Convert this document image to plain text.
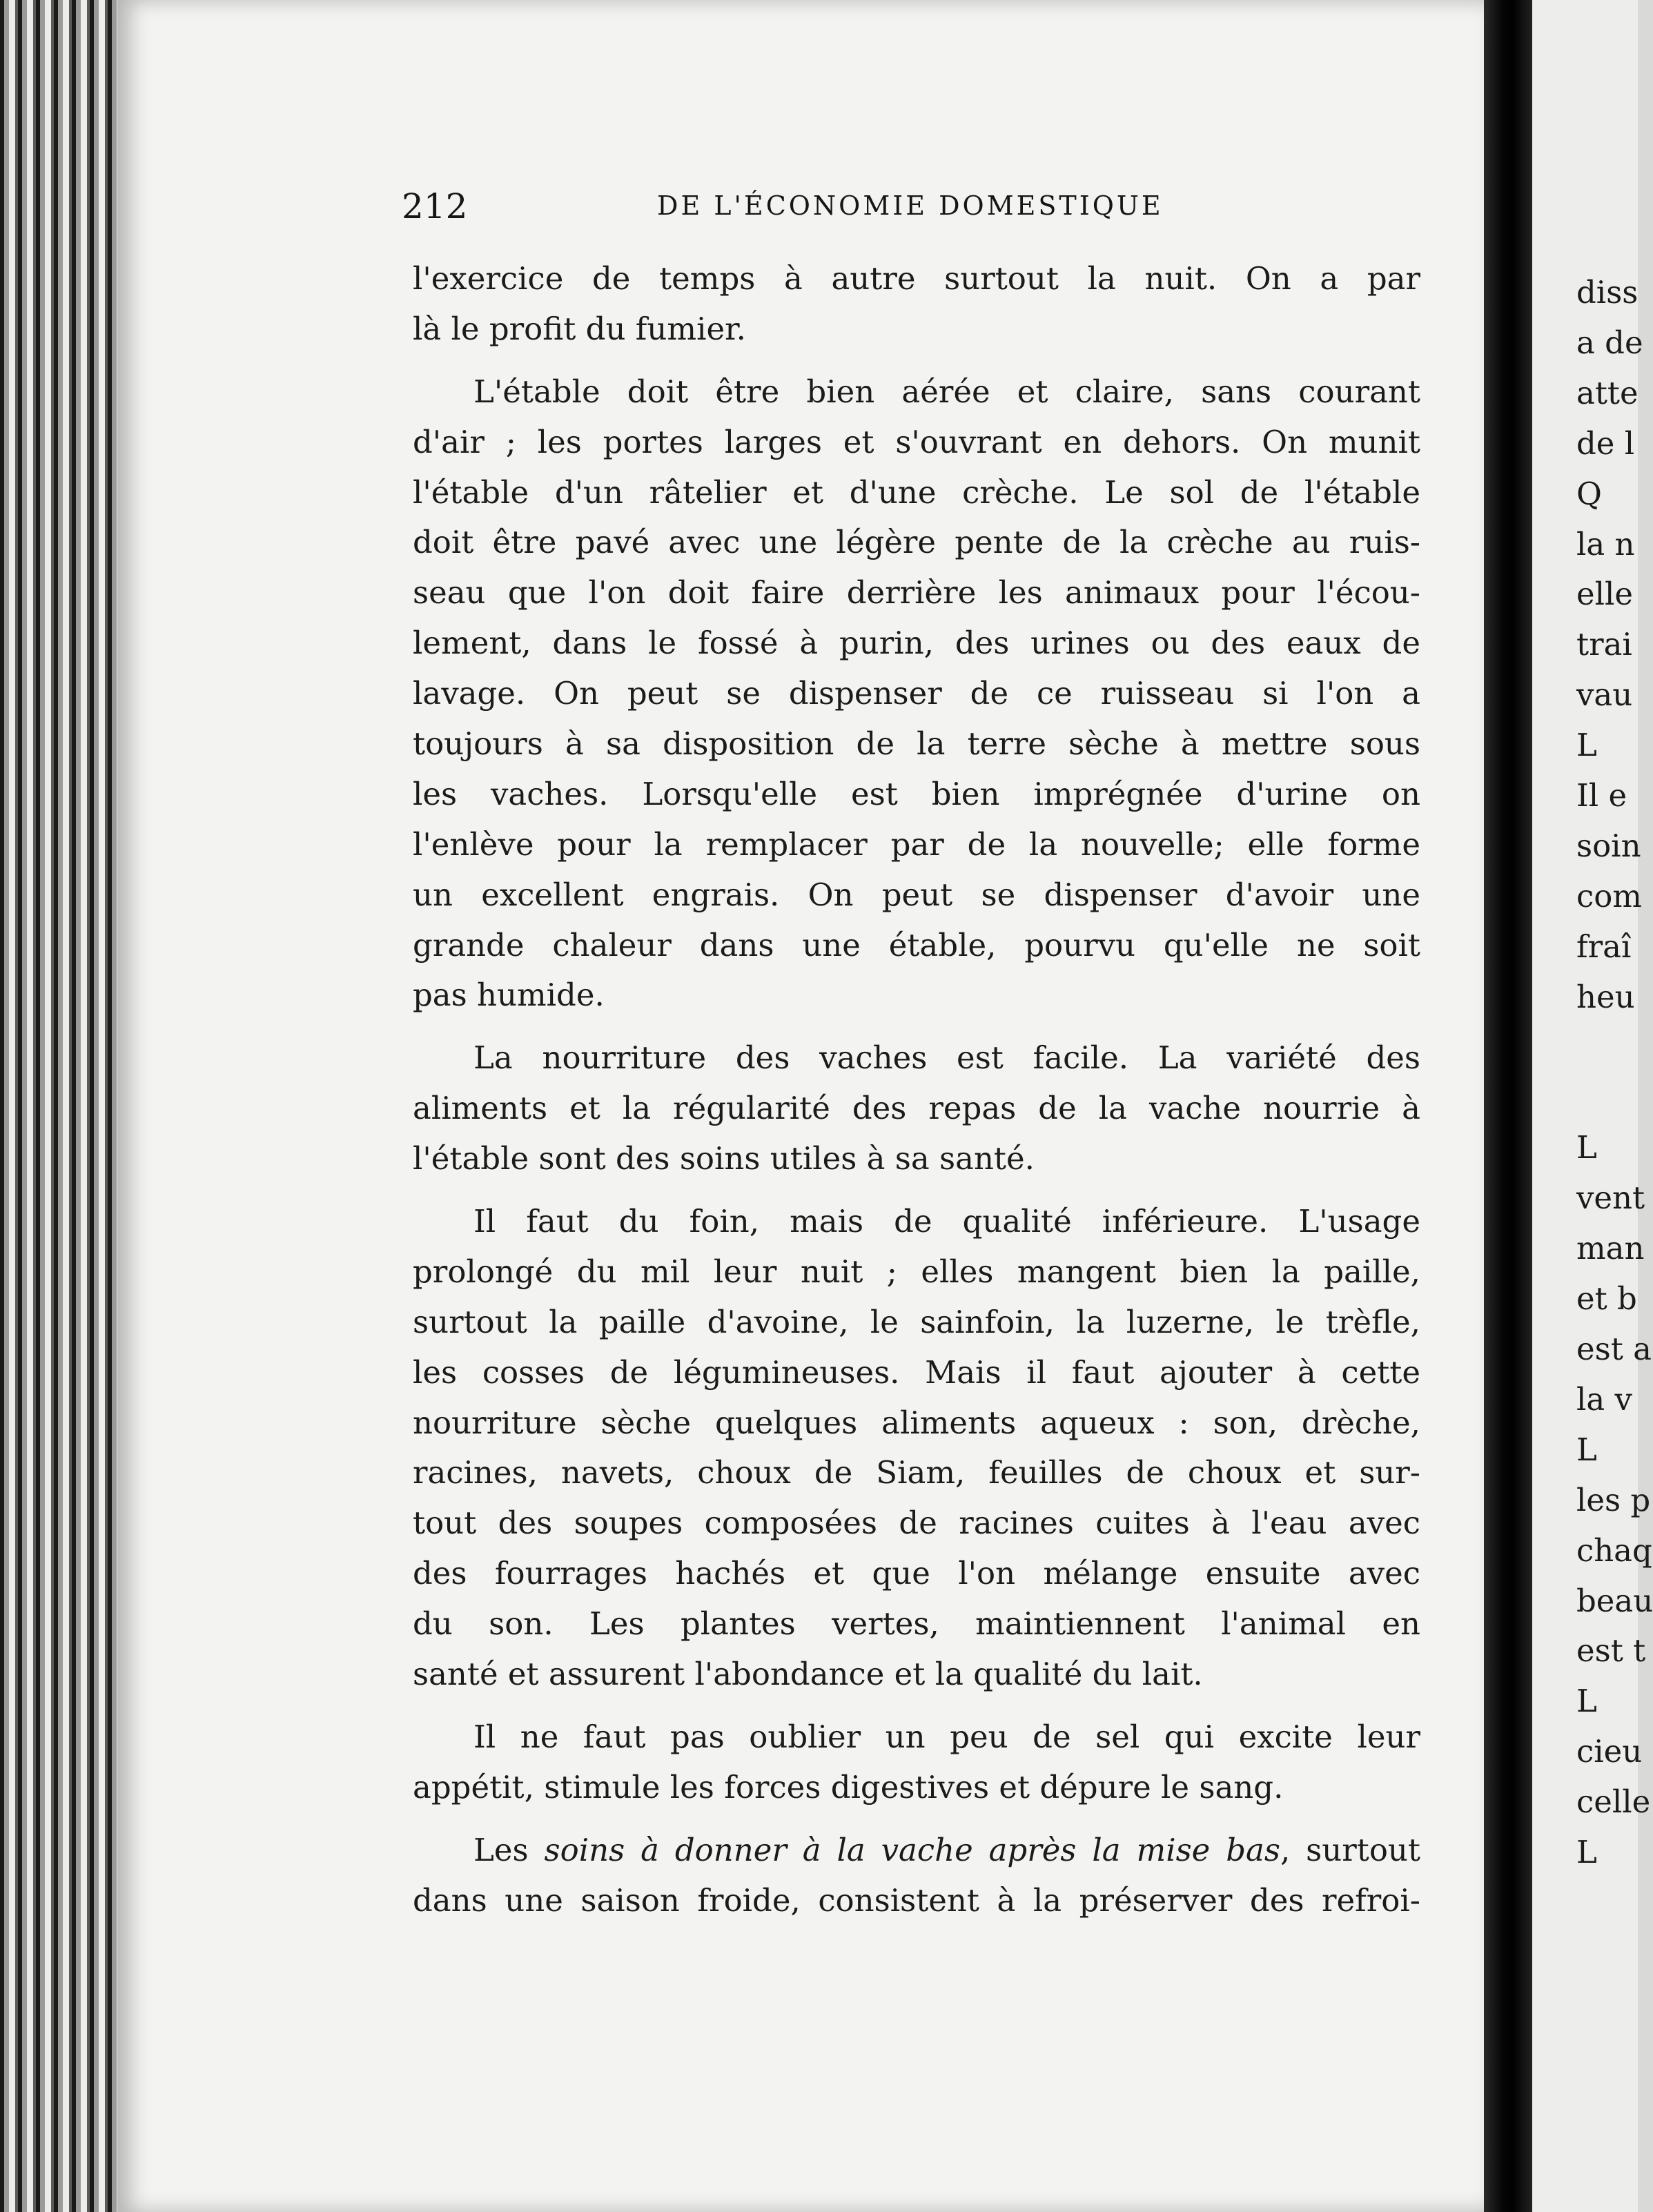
212	DE L'ÉCONOMIE DOMESTIQUE
l'exercice de temps à autre surtout la nuit. On a par
là le profit du fumier.
L'étable doit être bien aérée et claire, sans courant
d'air ; les portes larges et s'ouvrant en dehors. On munit
l'étable d'un râtelier et d'une crèche. Le sol de l'étable
doit être pavé avec une légère pente de la crèche au ruis-
seau que l'on doit faire derrière les animaux pour l'écou-
lement, dans le fossé à purin, des urines ou des eaux de
lavage. On peut se dispenser de ce ruisseau si l'on a
toujours à sa disposition de la terre sèche à mettre sous
les vaches. Lorsqu'elle est bien imprégnée d'urine on
l'enlève pour la remplacer par de la nouvelle; elle forme
un excellent engrais. On peut se dispenser d'avoir une
grande chaleur dans une étable, pourvu qu'elle ne soit
pas humide.
La nourriture des vaches est facile. La variété des
aliments et la régularité des repas de la vache nourrie à
l'étable sont des soins utiles à sa santé.
Il faut du foin, mais de qualité inférieure. L'usage
prolongé du mil leur nuit ; elles mangent bien la paille,
surtout la paille d'avoine, le sainfoin, la luzerne, le trèfle,
les cosses de légumineuses. Mais il faut ajouter à cette
nourriture sèche quelques aliments aqueux : son, drèche,
racines, navets, choux de Siam, feuilles de choux et sur-
tout des soupes composées de racines cuites à l'eau avec
des fourrages hachés et que l'on mélange ensuite avec
du son. Les plantes vertes, maintiennent l'animal en
santé et assurent l'abondance et la qualité du lait.
Il ne faut pas oublier un peu de sel qui excite leur
appétit, stimule les forces digestives et dépure le sang.
Les soins à donner à la vache après la mise bas, surtout
dans une saison froide, consistent à la préserver des refroi-
diss
a de
atte
de l
Q
la n
elle
trai
vau
L
Il e
soin
com
fraî
heu

L
vent
man
et b
est a
la v
L
les p
chaq
beau
est t
L
cieu
celle
L
